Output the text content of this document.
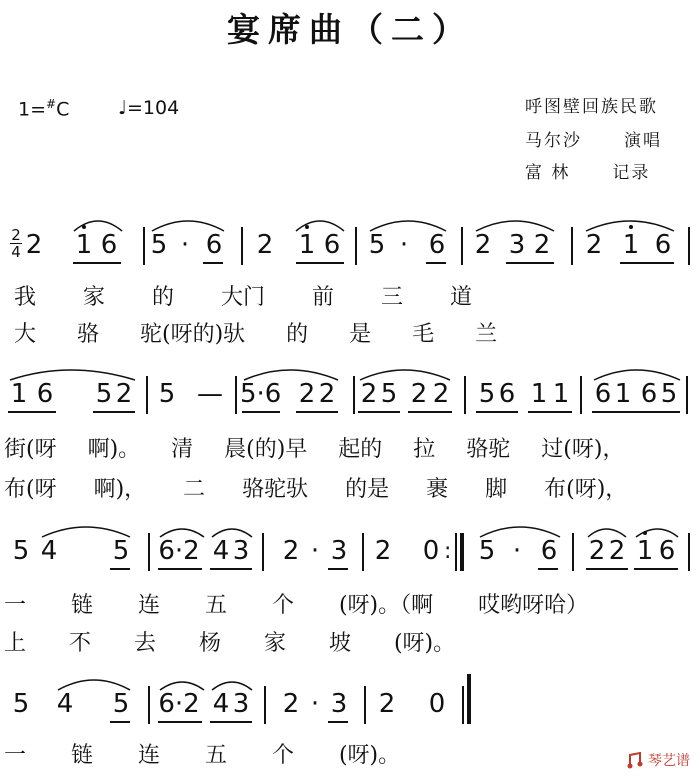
宴席曲（二）
1=#C	♩=104	呼图壁回族民歌
马尔沙 演唱
富 林 记录
2
4 2 1 6 5 · 6 2 1 6 5 · 6 2 3 2 2 1 6
我 家 的 大门 前 三 道
大 骆 驼(呀的)驮 的 是 毛 兰
1 6 5 2 5 — 5·6 2 2 2 5 2 2 5 6 1 1 6 1 6 5
街(呀 啊)。 清 晨(的)早 起的 拉 骆驼 过(呀)，
布(呀 啊)， 二 骆驼驮 的是 裹 脚 布(呀)，
5 4 5 6·2 4 3 2 · 3 2 0 : 5 · 6 2 2 1 6
一 链 连 五 个 (呀)。（啊 哎哟呀哈）
上 不 去 杨 家 坡 (呀)。
5 4 5 6·2 4 3 2 · 3 2 0
一 链 连 五 个 (呀)。	琴艺谱
